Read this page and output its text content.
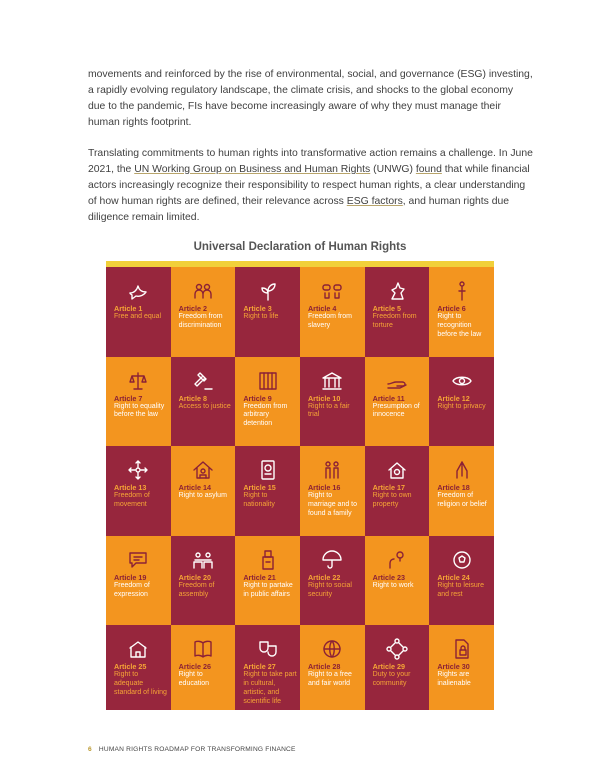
movements and reinforced by the rise of environmental, social, and governance (ESG) investing, a rapidly evolving regulatory landscape, the climate crisis, and shocks to the global economy due to the pandemic, FIs have become increasingly aware of why they must manage their human rights footprint.

Translating commitments to human rights into transformative action remains a challenge. In June 2021, the UN Working Group on Business and Human Rights (UNWG) found that while financial actors increasingly recognize their responsibility to respect human rights, a clear understanding of how human rights are defined, their relevance across ESG factors, and human rights due diligence remain limited.

Universal Declaration of Human Rights
Article 1
Free and equal
Article 2
Freedom from discrimination
Article 3
Right to life
Article 4
Freedom from slavery
Article 5
Freedom from torture
Article 6
Right to recognition before the law
Article 7
Right to equality before the law
Article 8
Access to justice
Article 9
Freedom from arbitrary detention
Article 10
Right to a fair trial
Article 11
Presumption of innocence
Article 12
Right to privacy
Article 13
Freedom of movement
Article 14
Right to asylum
Article 15
Right to nationality
Article 16
Right to marriage and to found a family
Article 17
Right to own property
Article 18
Freedom of religion or belief
Article 19
Freedom of expression
Article 20
Freedom of assembly
Article 21
Right to partake in public affairs
Article 22
Right to social security
Article 23
Right to work
Article 24
Right to leisure and rest
Article 25
Right to adequate standard of living
Article 26
Right to education
Article 27
Right to take part in cultural, artistic, and scientific life
Article 28
Right to a free and fair world
Article 29
Duty to your community
Article 30
Rights are inalienable
6 HUMAN RIGHTS ROADMAP FOR TRANSFORMING FINANCE
